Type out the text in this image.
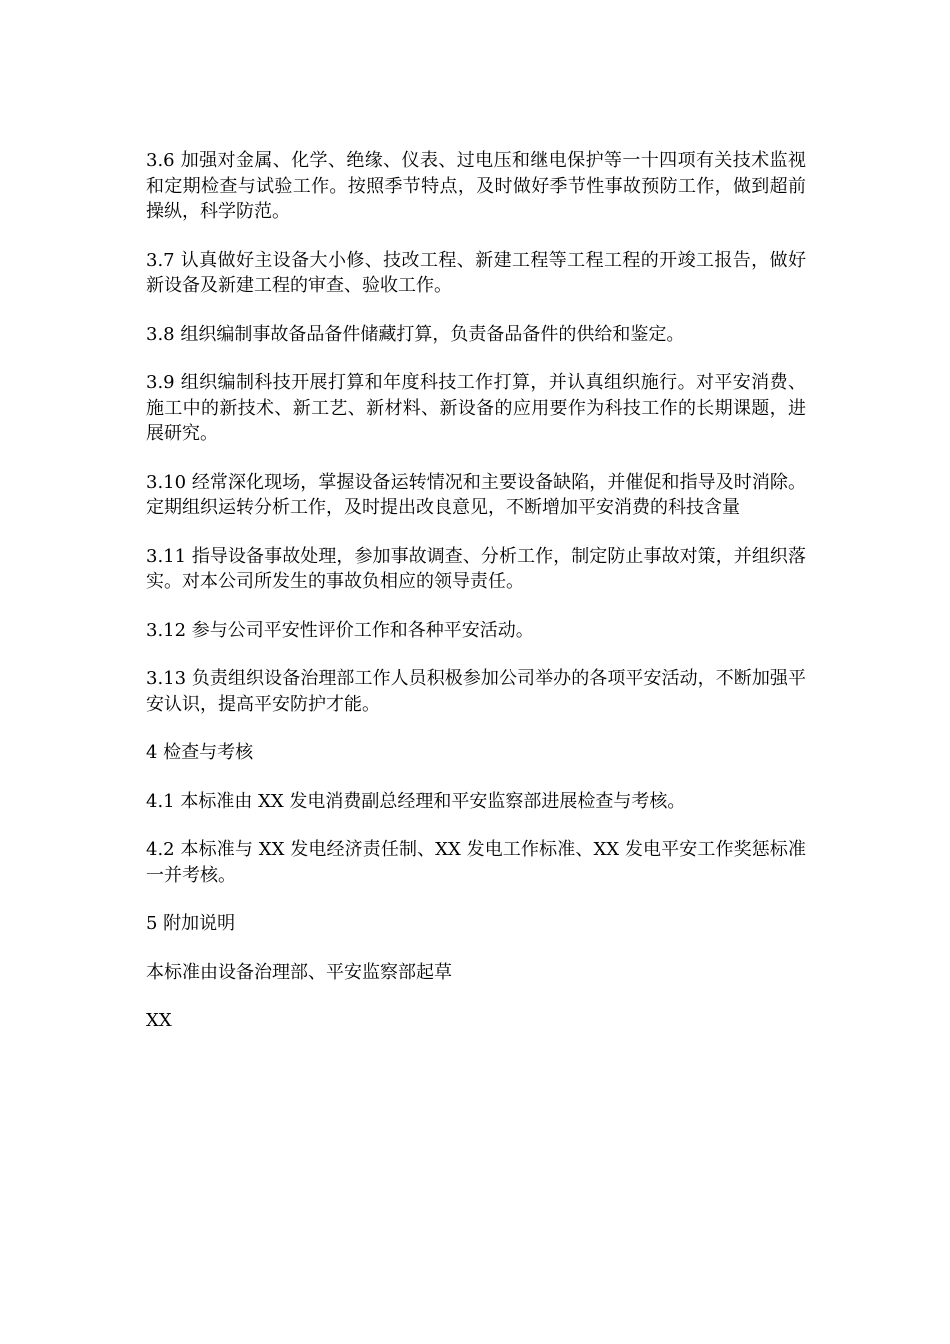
3.6 加强对金属、化学、绝缘、仪表、过电压和继电保护等一十四项有关技术监视和定期检查与试验工作。按照季节特点，及时做好季节性事故预防工作，做到超前操纵，科学防范。

3.7 认真做好主设备大小修、技改工程、新建工程等工程工程的开竣工报告，做好新设备及新建工程的审查、验收工作。

3.8 组织编制事故备品备件储藏打算，负责备品备件的供给和鉴定。

3.9 组织编制科技开展打算和年度科技工作打算，并认真组织施行。对平安消费、施工中的新技术、新工艺、新材料、新设备的应用要作为科技工作的长期课题，进展研究。

3.10 经常深化现场，掌握设备运转情况和主要设备缺陷，并催促和指导及时消除。定期组织运转分析工作，及时提出改良意见，不断增加平安消费的科技含量

3.11 指导设备事故处理，参加事故调查、分析工作，制定防止事故对策，并组织落实。对本公司所发生的事故负相应的领导责任。

3.12 参与公司平安性评价工作和各种平安活动。

3.13 负责组织设备治理部工作人员积极参加公司举办的各项平安活动，不断加强平安认识，提高平安防护才能。

4 检查与考核

4.1 本标准由 XX 发电消费副总经理和平安监察部进展检查与考核。

4.2 本标准与 XX 发电经济责任制、XX 发电工作标准、XX 发电平安工作奖惩标准一并考核。

5 附加说明

本标准由设备治理部、平安监察部起草

XX
